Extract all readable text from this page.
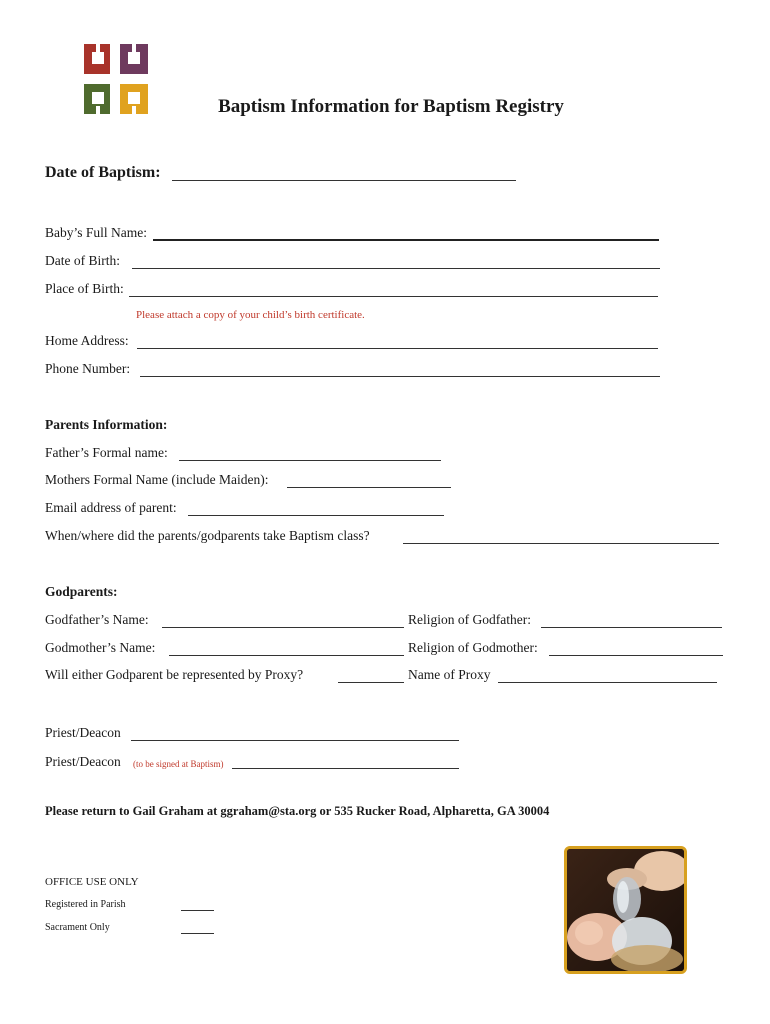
Baptism Information for Baptism Registry
Date of Baptism:
Baby’s Full Name:
Date of Birth:
Place of Birth:
Please attach a copy of your child’s birth certificate.
Home Address:
Phone Number:
Parents Information:
Father’s Formal name:
Mothers Formal Name (include Maiden):
Email address of parent:
When/where did the parents/godparents take Baptism class?
Godparents:
Godfather’s Name:	Religion of Godfather:
Godmother’s Name:	Religion of Godmother:
Will either Godparent be represented by Proxy?	Name of Proxy
Priest/Deacon
Priest/Deacon (to be signed at Baptism)
Please return to Gail Graham at ggraham@sta.org or 535 Rucker Road, Alpharetta, GA 30004
OFFICE USE ONLY
Registered in Parish
Sacrament Only
